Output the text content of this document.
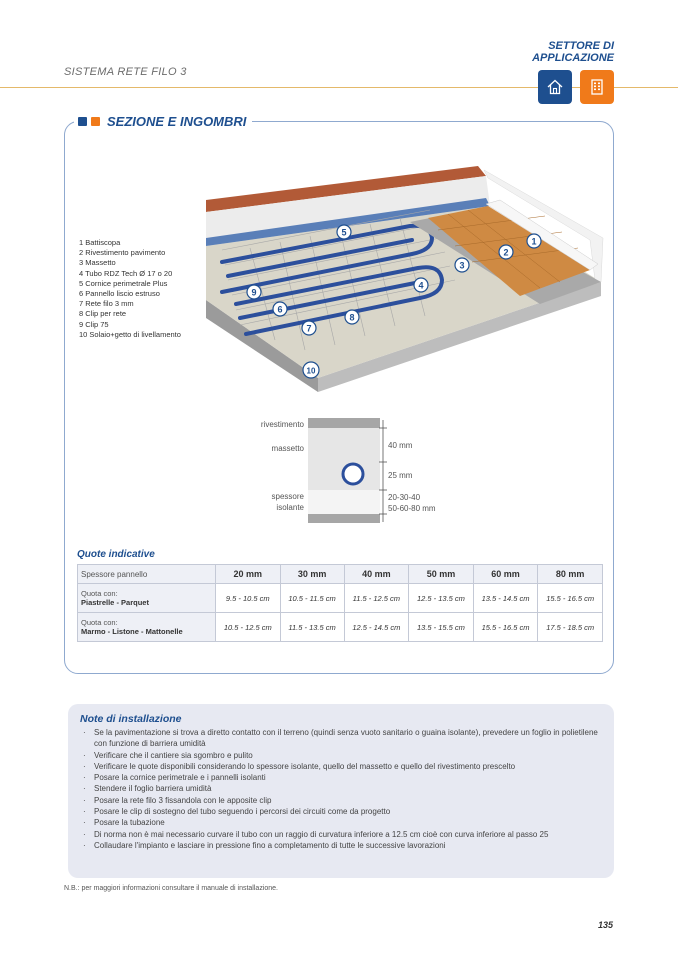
SISTEMA RETE FILO 3
SETTORE DI
APPLICAZIONE
SEZIONE E INGOMBRI
1 Battiscopa
2 Rivestimento pavimento
3 Massetto
4 Tubo RDZ Tech Ø 17 o 20
5 Cornice perimetrale Plus
6 Pannello liscio estruso
7 Rete filo 3 mm
8 Clip per rete
9 Clip 75
10 Solaio+getto di livellamento
1
2
3
4
5
6
7
8
9
10
rivestimento
massetto
spessore
isolante
40 mm
25 mm
20-30-40
50-60-80 mm
Quote indicative
Spessore pannello	20 mm	30 mm	40 mm	50 mm	60 mm	80 mm
Quota con:
Piastrelle - Parquet	9.5 - 10.5 cm	10.5 - 11.5 cm	11.5 - 12.5 cm	12.5 - 13.5 cm	13.5 - 14.5 cm	15.5 - 16.5 cm
Quota con:
Marmo - Listone - Mattonelle	10.5 - 12.5 cm	11.5 - 13.5 cm	12.5 - 14.5 cm	13.5 - 15.5 cm	15.5 - 16.5 cm	17.5 - 18.5 cm
Note di installazione
· Se la pavimentazione si trova a diretto contatto con il terreno (quindi senza vuoto sanitario o guaina isolante), prevedere un foglio in polietilene con funzione di barriera umidità
· Verificare che il cantiere sia sgombro e pulito
· Verificare le quote disponibili considerando lo spessore isolante, quello del massetto e quello del rivestimento prescelto
· Posare la cornice perimetrale e i pannelli isolanti
· Stendere il foglio barriera umidità
· Posare la rete filo 3 fissandola con le apposite clip
· Posare le clip di sostegno del tubo seguendo i percorsi dei circuiti come da progetto
· Posare la tubazione
· Di norma non è mai necessario curvare il tubo con un raggio di curvatura inferiore a 12.5 cm cioè con curva inferiore al passo 25
· Collaudare l'impianto e lasciare in pressione fino a completamento di tutte le successive lavorazioni
N.B.: per maggiori informazioni consultare il manuale di installazione.
135
